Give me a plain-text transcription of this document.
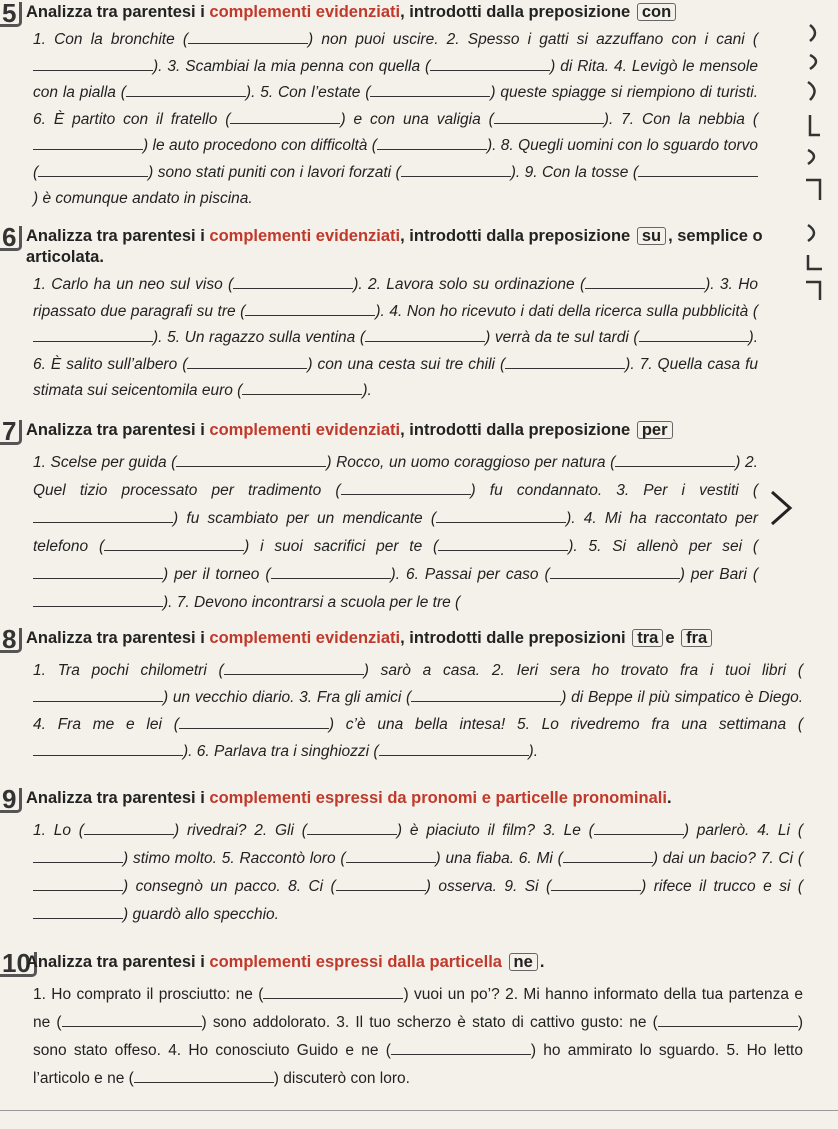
5 Analizza tra parentesi i complementi evidenziati, introdotti dalla preposizione con
1. Con la bronchite (	) non puoi uscire. 2. Spesso i gatti si azzuffano con i cani (). 3. Scambiai la mia penna con quella (	) di Rita. 4. Levigò le mensole con la pialla (	). 5. Con l’estate (	) queste spiagge si riempiono di turisti. 6. È partito con il fratello (	) e con una valigia (	). 7. Con la nebbia () le auto procedono con difficoltà (	). 8. Quegli uomini con lo sguardo torvo (	) sono stati puniti con i lavori forzati (	). 9. Con la tosse () è comunque andato in piscina.
6 Analizza tra parentesi i complementi evidenziati, introdotti dalla preposizione su , semplice o articolata.
1. Carlo ha un neo sul viso (	). 2. Lavora solo su ordinazione (	). 3. Ho ripassato due paragrafi su tre (	). 4. Non ho ricevuto i dati della ricerca sulla pubblicità (). 5. Un ragazzo sulla ventina (	) verrà da te sul tardi (	). 6. È salito sull’albero (	) con una cesta sui tre chili (	). 7. Quella casa fu stimata sui seicentomila euro (	).
7 Analizza tra parentesi i complementi evidenziati, introdotti dalla preposizione per
1. Scelse per guida (	) Rocco, un uomo coraggioso per natura (	) 2. Quel tizio processato per tradimento (	) fu condannato. 3. Per i vestiti () fu scambiato per un mendicante (	). 4. Mi ha raccontato per telefono (	) i suoi sacrifici per te (	). 5. Si allenò per sei () per il torneo (	). 6. Passai per caso (	) per Bari (). 7. Devono incontrarsi a scuola per le tre (
8 Analizza tra parentesi i complementi evidenziati, introdotti dalle preposizioni tra e fra
1. Tra pochi chilometri (	) sarò a casa. 2. Ieri sera ho trovato fra i tuoi libri () un vecchio diario. 3. Fra gli amici (	) di Beppe il più simpatico è Diego. 4. Fra me e lei (	) c’è una bella intesa! 5. Lo rivedremo fra una settimana (). 6. Parlava tra i singhiozzi (	).
9 Analizza tra parentesi i complementi espressi da pronomi e particelle pronominali.
1. Lo (	) rivedrai? 2. Gli (	) è piaciuto il film? 3. Le (	) parlerò. 4. Li () stimo molto. 5. Raccontò loro (	) una fiaba. 6. Mi (	) dai un bacio? 7. Ci () consegnò un pacco. 8. Ci (	) osserva. 9. Si (	) rifece il trucco e si () guardò allo specchio.
10
Analizza tra parentesi i complementi espressi dalla particella ne .
1. Ho comprato il prosciutto: ne (	) vuoi un po’? 2. Mi hanno informato della tua partenza e ne (	) sono addolorato. 3. Il tuo scherzo è stato di cattivo gusto: ne (	) sono stato offeso. 4. Ho conosciuto Guido e ne (	) ho ammirato lo sguardo. 5. Ho letto l’articolo e ne (	) discuterò con loro.
